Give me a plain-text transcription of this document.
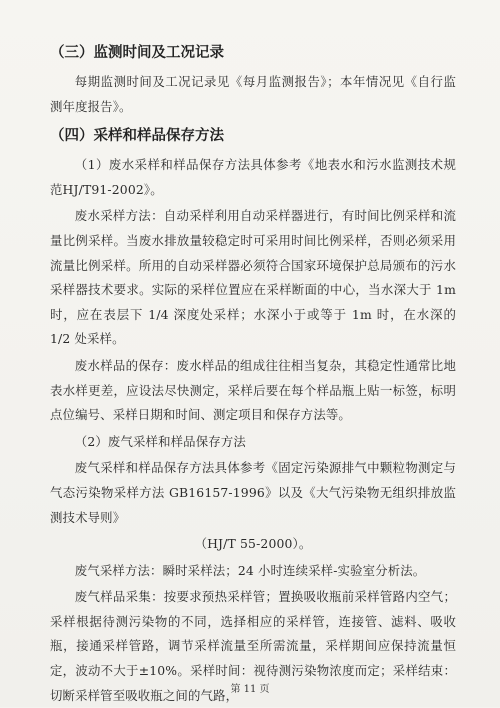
（三）监测时间及工况记录
每期监测时间及工况记录见《每月监测报告》；本年情况见《自行监测年度报告》。
（四）采样和样品保存方法
（1）废水采样和样品保存方法具体参考《地表水和污水监测技术规范HJ/T91-2002》。
废水采样方法：自动采样利用自动采样器进行，有时间比例采样和流量比例采样。当废水排放量较稳定时可采用时间比例采样，否则必须采用流量比例采样。所用的自动采样器必须符合国家环境保护总局颁布的污水采样器技术要求。实际的采样位置应在采样断面的中心，当水深大于 1m 时，应在表层下 1/4 深度处采样；水深小于或等于 1m 时，在水深的 1/2 处采样。
废水样品的保存：废水样品的组成往往相当复杂，其稳定性通常比地表水样更差，应设法尽快测定，采样后要在每个样品瓶上贴一标签，标明点位编号、采样日期和时间、测定项目和保存方法等。
（2）废气采样和样品保存方法
废气采样和样品保存方法具体参考《固定污染源排气中颗粒物测定与气态污染物采样方法 GB16157-1996》以及《大气污染物无组织排放监测技术导则》
（HJ/T 55-2000）。
废气采样方法：瞬时采样法；24 小时连续采样-实验室分析法。
废气样品采集：按要求预热采样管；置换吸收瓶前采样管路内空气；采样根据待测污染物的不同，选择相应的采样管，连接管、滤料、吸收瓶，接通采样管路，调节采样流量至所需流量，采样期间应保持流量恒定，波动不大于±10%。采样时间：视待测污染物浓度而定；采样结束：切断采样管至吸收瓶之间的气路，
第 11 页
